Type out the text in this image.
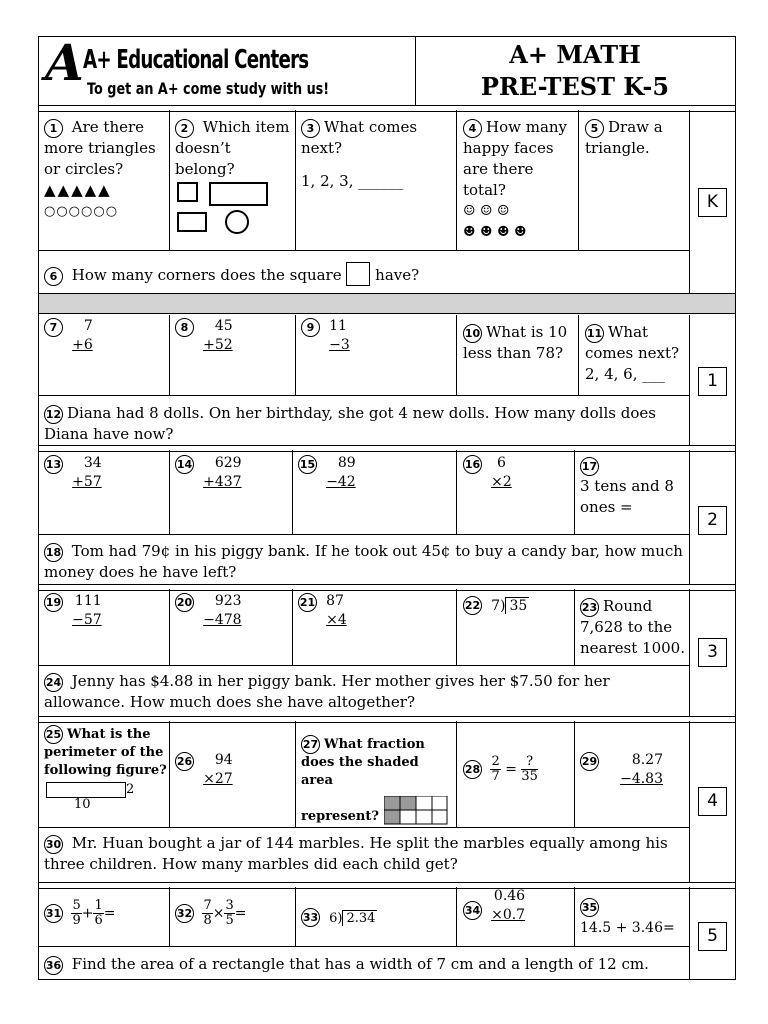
A A+ Educational Centers
To get an A+ come study with us!
A+ MATH
PRE-TEST K-5
K
1 Are there more triangles or circles?
▲▲▲▲▲
○○○○○○
2 Which item doesn’t belong?
3 What comes next?
1, 2, 3, ______
4 How many happy faces are there total?
☺ ☺ ☺
☻ ☻ ☻ ☻
5 Draw a triangle.
6 How many corners does the square have?
1
7 7
+6
8 45
+52
9 11
−3
10 What is 10 less than 78?
11 What comes next?
2, 4, 6, ___
12 Diana had 8 dolls. On her birthday, she got 4 new dolls. How many dolls does Diana have now?
2
13 34
+57
14 629
+437
15 89
−42
16 6
×2
17
3 tens and 8 ones =
18 Tom had 79¢ in his piggy bank. If he took out 45¢ to buy a candy bar, how much money does he have left?
3
19 111
−57
20 923
−478
21 87
×4
22 7) 35	23 Round 7,628 to the nearest 1000.
24 Jenny has $4.88 in her piggy bank. Her mother gives her $7.50 for her allowance. How much does she have altogether?
4
25 What is the perimeter of the following figure?
2
10
26 94
×27
27 What fraction does the shaded area
represent?
$28 \frac{2}{7} = \frac{?}{35}$	29 8.27
−4.83
30 Mr. Huan bought a jar of 144 marbles. He split the marbles equally among his three children. How many marbles did each child get?
5
$31 \frac{5}{9} + \frac{1}{6}$ =	$32 \frac{7}{8} \times \frac{3}{5}$ =	33 6) 2.34
34 0.46
×0.7	35
14.5 + 3.46=
36 Find the area of a rectangle that has a width of 7 cm and a length of 12 cm.
